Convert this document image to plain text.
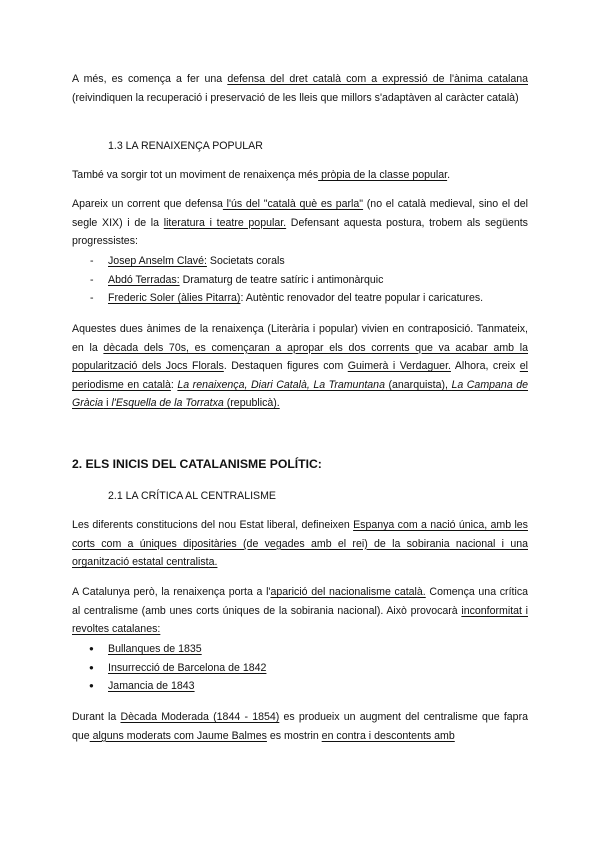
A més, es comença a fer una defensa del dret català com a expressió de l'ànima catalana (reivindiquen la recuperació i preservació de les lleis que millors s'adaptàven al caràcter català)

1.3 LA RENAIXENÇA POPULAR

També va sorgir tot un moviment de renaixença més pròpia de la classe popular.

Apareix un corrent que defensa l'ús del "català què es parla" (no el català medieval, sino el del segle XIX) i de la literatura i teatre popular. Defensant aquesta postura, trobem als següents progressistes:

- Josep Anselm Clavé: Societats corals
- Abdó Terradas: Dramaturg de teatre satíric i antimonàrquic
- Frederic Soler (àlies Pitarra): Autèntic renovador del teatre popular i caricatures.

Aquestes dues ànimes de la renaixença (Literària i popular) vivien en contraposició. Tanmateix, en la dècada dels 70s, es començaran a apropar els dos corrents que va acabar amb la popularització dels Jocs Florals. Destaquen figures com Guimerà i Verdaguer. Alhora, creix el periodisme en català: La renaixença, Diari Català, La Tramuntana (anarquista), La Campana de Gràcia i l'Esquella de la Torratxa (republicà).

2. ELS INICIS DEL CATALANISME POLÍTIC:

2.1 LA CRÍTICA AL CENTRALISME

Les diferents constitucions del nou Estat liberal, defineixen Espanya com a nació única, amb les corts com a úniques dipositàries (de vegades amb el rei) de la sobirania nacional i una organització estatal centralista.

A Catalunya però, la renaixença porta a l'aparició del nacionalisme català. Comença una crítica al centralisme (amb unes corts úniques de la sobirania nacional). Això provocarà inconformitat i revoltes catalanes:

● Bullanques de 1835
● Insurrecció de Barcelona de 1842
● Jamancia de 1843

Durant la Dècada Moderada (1844 - 1854) es produeix un augment del centralisme que fapra que alguns moderats com Jaume Balmes es mostrin en contra i descontents amb
